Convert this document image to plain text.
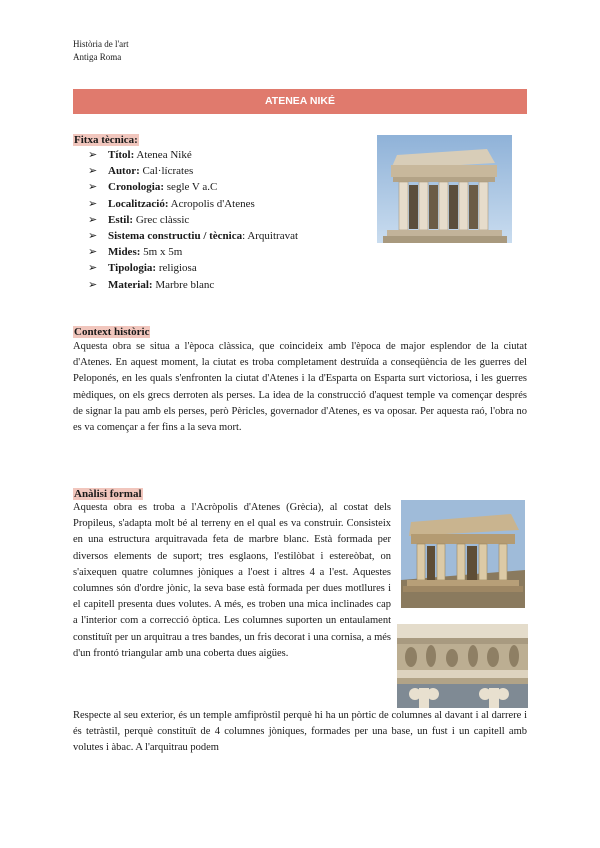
Història de l'art
Antiga Roma
ATENEA NIKÉ
Fitxa tècnica:
➢ Títol: Atenea Niké
➢ Autor: Cal·lícrates
➢ Cronologia: segle V a.C
➢ Localització: Acropolis d'Atenes
➢ Estil: Grec clàssic
➢ Sistema constructiu / tècnica: Arquitravat
➢ Mides: 5m x 5m
➢ Tipologia: religiosa
➢ Material: Marbre blanc
Context històric
Aquesta obra se situa a l'època clàssica, que coincideix amb l'època de major esplendor de la ciutat d'Atenes. En aquest moment, la ciutat es troba completament destruïda a conseqüència de les guerres del Peloponés, en les quals s'enfronten la ciutat d'Atenes i la d'Esparta on Esparta surt victoriosa, i les guerres mèdiques, on els grecs derroten als perses. La idea de la construcció d'aquest temple va començar després de signar la pau amb els perses, però Pèricles, governador d'Atenes, es va oposar. Per aquesta raó, l'obra no es va començar a fer fins a la seva mort.
Anàlisi formal
Aquesta obra es troba a l'Acròpolis d'Atenes (Grècia), al costat dels Propileus, s'adapta molt bé al terreny en el qual es va construir. Consisteix en una estructura arquitravada feta de marbre blanc. Està formada per diversos elements de suport; tres esglaons, l'estilòbat i estereòbat, on s'aixequen quatre columnes jòniques a l'oest i altres 4 a l'est. Aquestes columnes són d'ordre jònic, la seva base està formada per dues motllures i el capitell presenta dues volutes. A més, es troben una mica inclinades cap a l'interior com a correcció òptica. Les columnes suporten un entaulament constituït per un arquitrau a tres bandes, un fris decorat i una cornisa, a més d'un frontó triangular amb una coberta dues aigües.
Respecte al seu exterior, és un temple amfipròstil perquè hi ha un pòrtic de columnes al davant i al darrere i és tetràstil, perquè constituït de 4 columnes jòniques, formades per una base, un fust i un capitell amb volutes i àbac. A l'arquitrau podem
